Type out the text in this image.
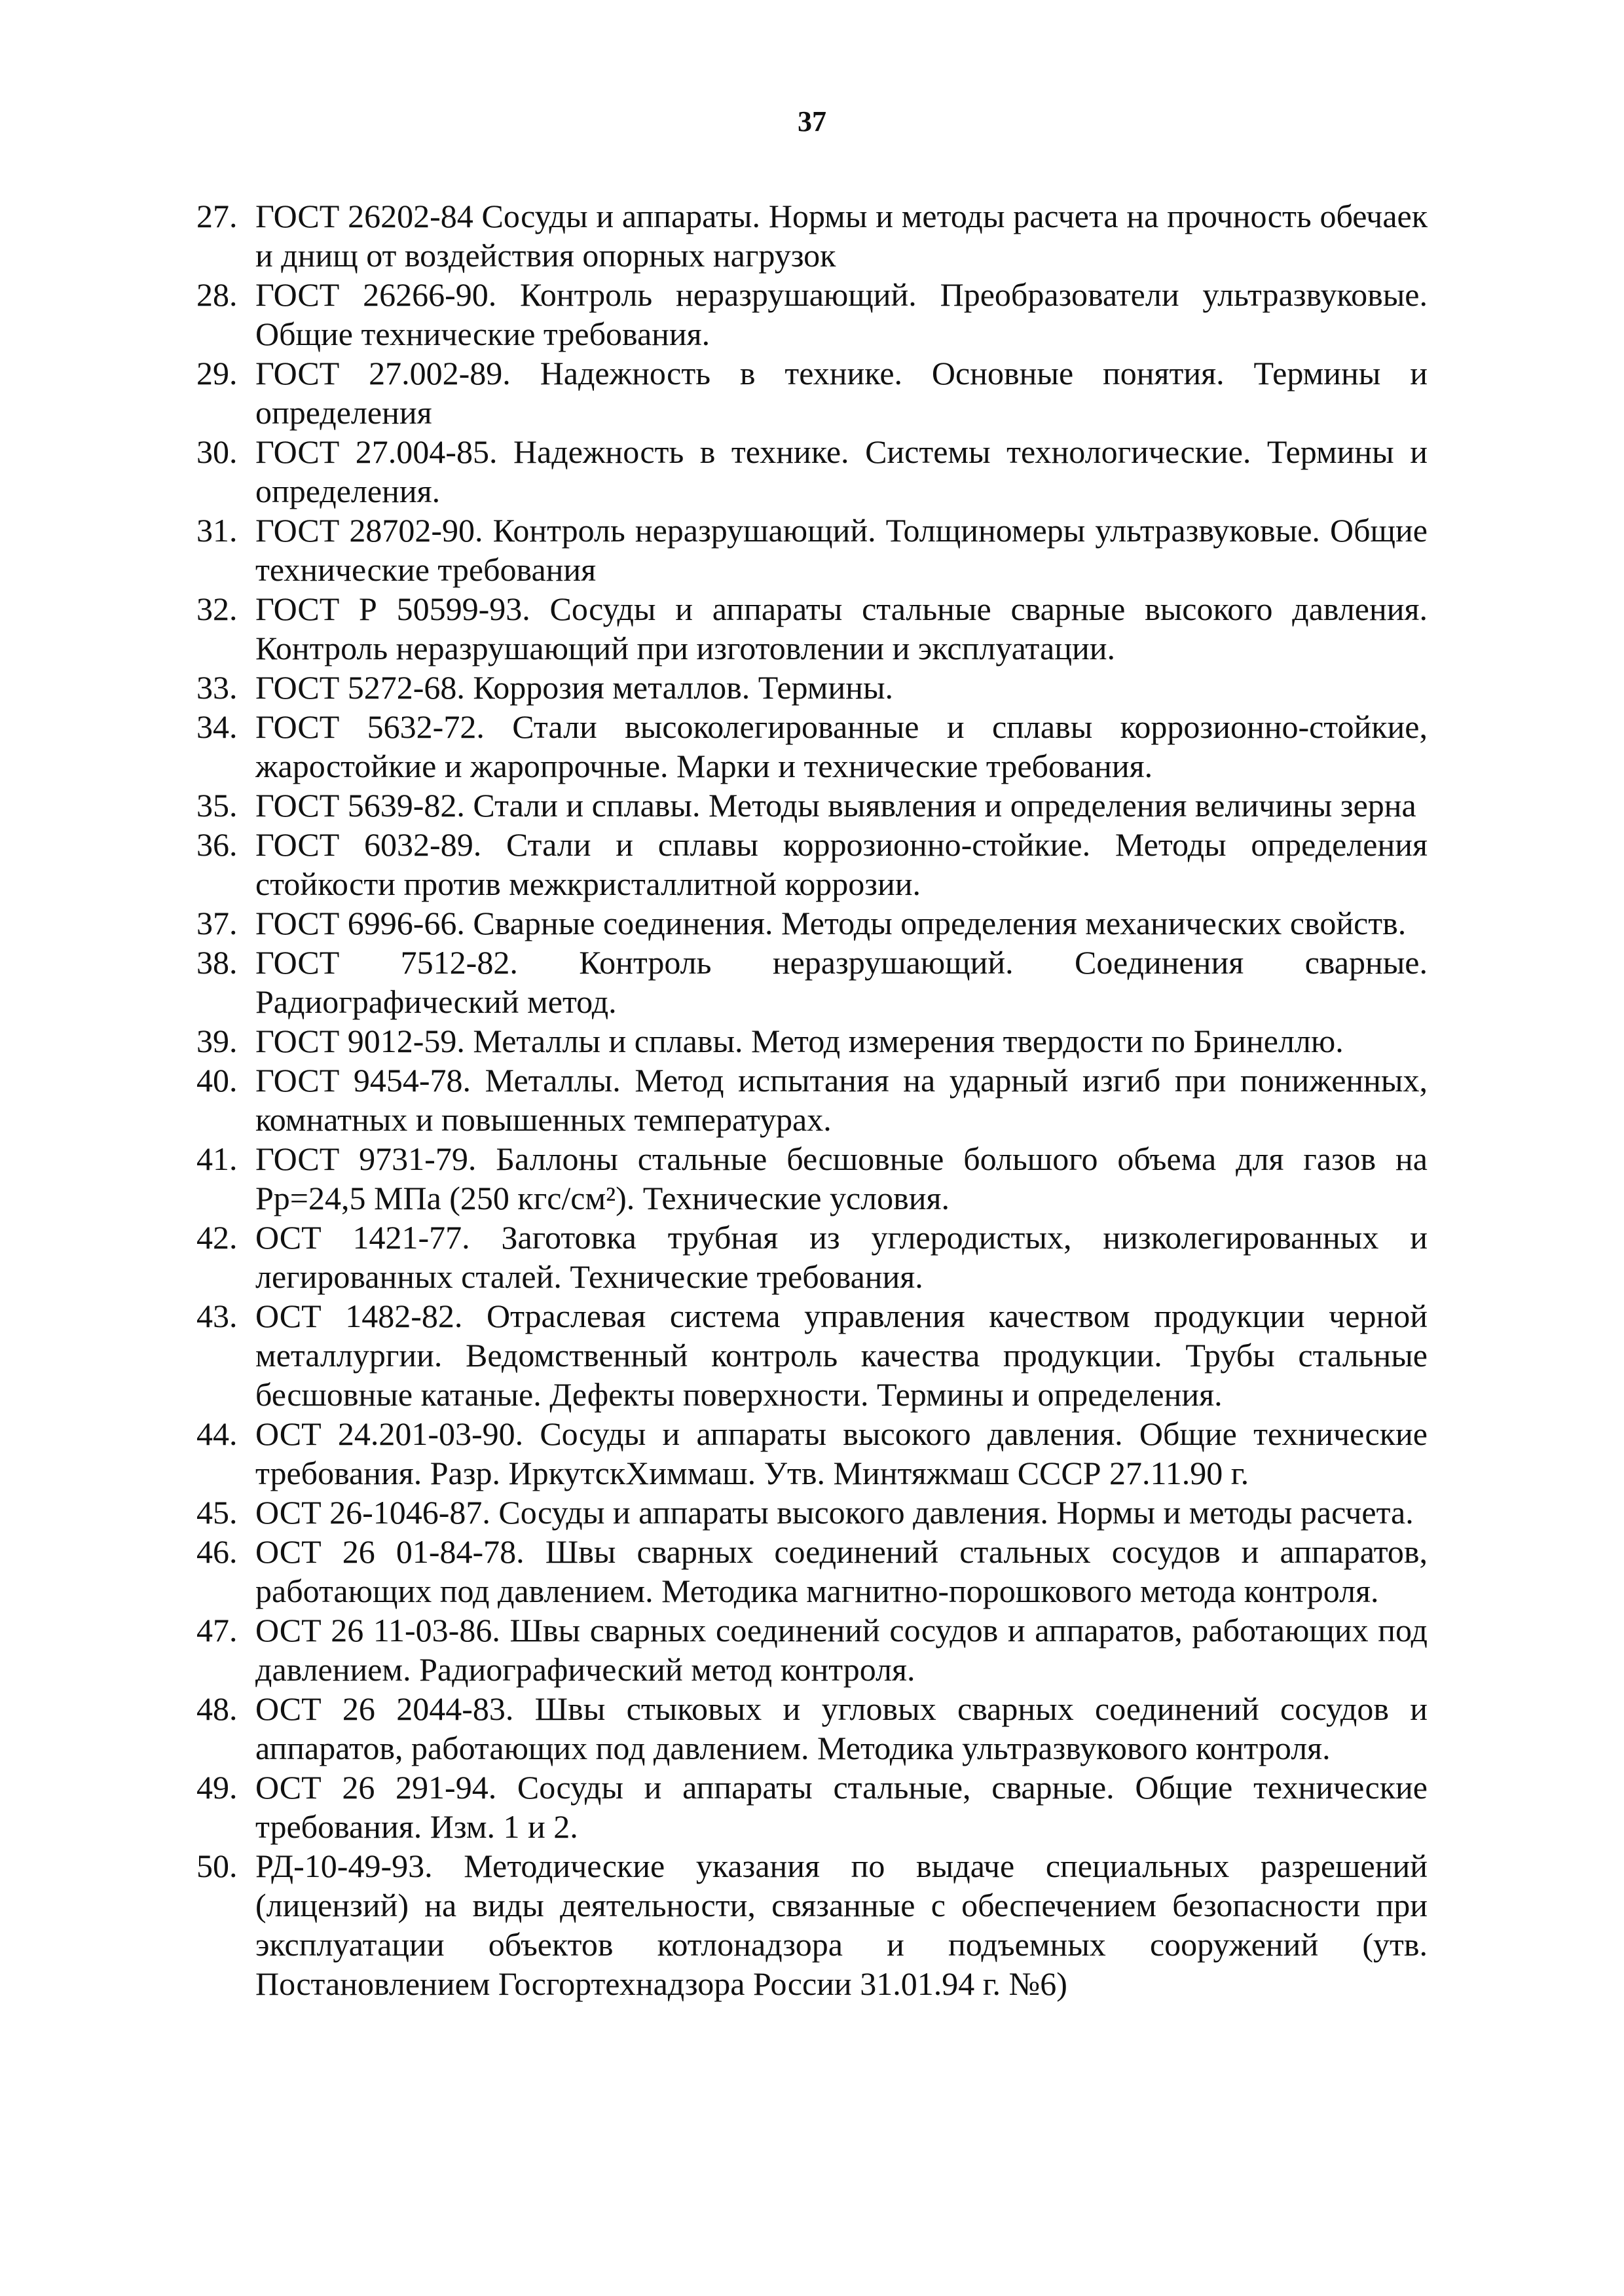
37
27. ГОСТ 26202-84 Сосуды и аппараты. Нормы и методы расчета на прочность обечаек и днищ от воздействия опорных нагрузок
28. ГОСТ 26266-90. Контроль неразрушающий. Преобразователи ультразвуковые. Общие технические требования.
29. ГОСТ 27.002-89. Надежность в технике. Основные понятия. Термины и определения
30. ГОСТ 27.004-85. Надежность в технике. Системы технологические. Термины и определения.
31. ГОСТ 28702-90. Контроль неразрушающий. Толщиномеры ультразвуковые. Общие технические требования
32. ГОСТ Р 50599-93. Сосуды и аппараты стальные сварные высокого давления. Контроль неразрушающий при изготовлении и эксплуатации.
33. ГОСТ 5272-68. Коррозия металлов. Термины.
34. ГОСТ 5632-72. Стали высоколегированные и сплавы коррозионно-стойкие, жаростойкие и жаропрочные. Марки и технические требования.
35. ГОСТ 5639-82. Стали и сплавы. Методы выявления и определения величины зерна
36. ГОСТ 6032-89. Стали и сплавы коррозионно-стойкие. Методы определения стойкости против межкристаллитной коррозии.
37. ГОСТ 6996-66. Сварные соединения. Методы определения механических свойств.
38. ГОСТ 7512-82. Контроль неразрушающий. Соединения сварные. Радиографический метод.
39. ГОСТ 9012-59. Металлы и сплавы. Метод измерения твердости по Бринеллю.
40. ГОСТ 9454-78. Металлы. Метод испытания на ударный изгиб при пониженных, комнатных и повышенных температурах.
41. ГОСТ 9731-79. Баллоны стальные бесшовные большого объема для газов на Рр=24,5 МПа (250 кгс/см²). Технические условия.
42. ОСТ 1421-77. Заготовка трубная из углеродистых, низколегированных и легированных сталей. Технические требования.
43. ОСТ 1482-82. Отраслевая система управления качеством продукции черной металлургии. Ведомственный контроль качества продукции. Трубы стальные бесшовные катаные. Дефекты поверхности. Термины и определения.
44. ОСТ 24.201-03-90. Сосуды и аппараты высокого давления. Общие технические требования. Разр. ИркутскХиммаш. Утв. Минтяжмаш СССР 27.11.90 г.
45. ОСТ 26-1046-87. Сосуды и аппараты высокого давления. Нормы и методы расчета.
46. ОСТ 26 01-84-78. Швы сварных соединений стальных сосудов и аппаратов, работающих под давлением. Методика магнитно-порошкового метода контроля.
47. ОСТ 26 11-03-86. Швы сварных соединений сосудов и аппаратов, работающих под давлением. Радиографический метод контроля.
48. ОСТ 26 2044-83. Швы стыковых и угловых сварных соединений сосудов и аппаратов, работающих под давлением. Методика ультразвукового контроля.
49. ОСТ 26 291-94. Сосуды и аппараты стальные, сварные. Общие технические требования. Изм. 1 и 2.
50. РД-10-49-93. Методические указания по выдаче специальных разрешений (лицензий) на виды деятельности, связанные с обеспечением безопасности при эксплуатации объектов котлонадзора и подъемных сооружений (утв. Постановлением Госгортехнадзора России 31.01.94 г. №6)
